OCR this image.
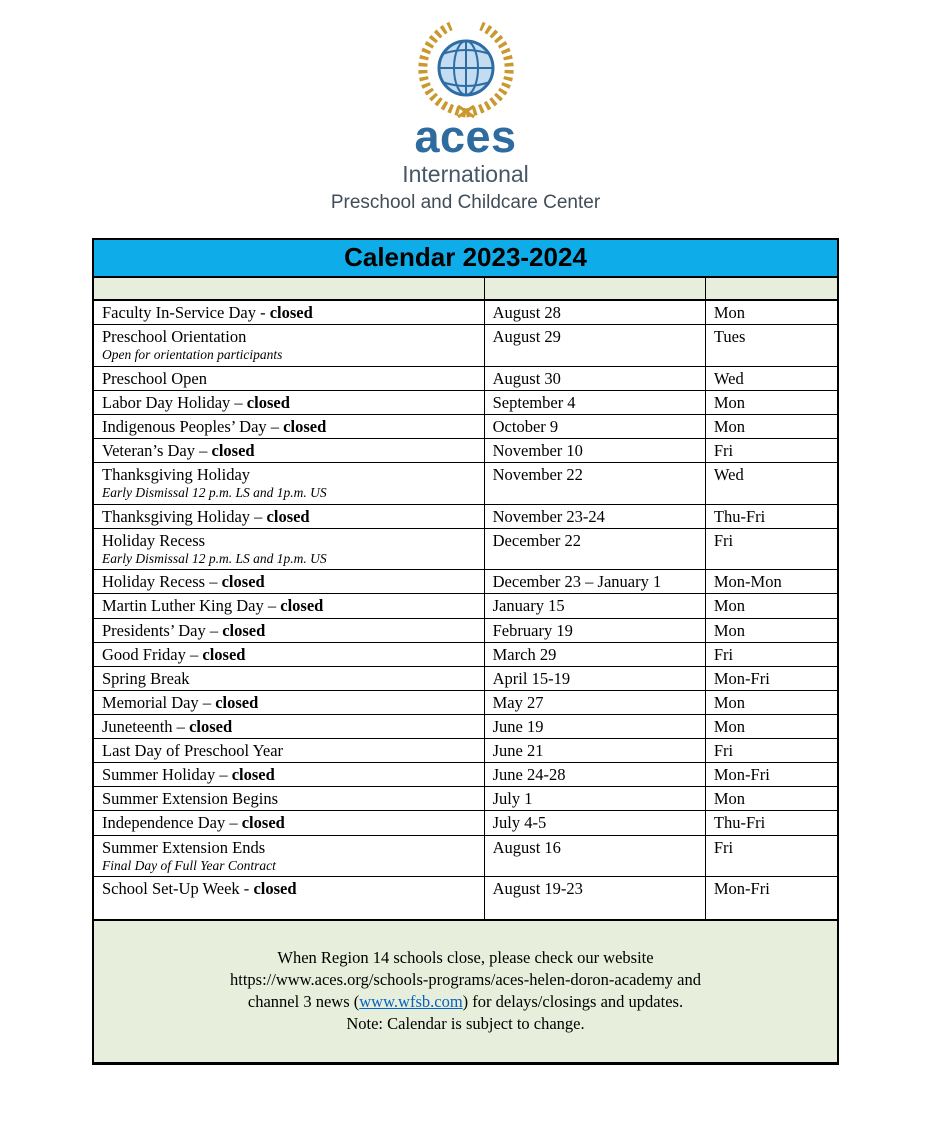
aces
International
Preschool and Childcare Center
Calendar 2023-2024		

Faculty In-Service Day - closed	August 28	Mon
Preschool Orientation
Open for orientation participants	August 29	Tues
Preschool Open	August 30	Wed
Labor Day Holiday – closed	September 4	Mon
Indigenous Peoples’ Day – closed	October 9	Mon
Veteran’s Day – closed	November 10	Fri
Thanksgiving Holiday
Early Dismissal 12 p.m. LS and 1p.m. US	November 22	Wed
Thanksgiving Holiday – closed	November 23-24	Thu-Fri
Holiday Recess
Early Dismissal 12 p.m. LS and 1p.m. US	December 22	Fri
Holiday Recess – closed	December 23 – January 1	Mon-Mon
Martin Luther King Day – closed	January 15	Mon
Presidents’ Day – closed	February 19	Mon
Good Friday – closed	March 29	Fri
Spring Break	April 15-19	Mon-Fri
Memorial Day – closed	May 27	Mon
Juneteenth – closed	June 19	Mon
Last Day of Preschool Year	June 21	Fri
Summer Holiday – closed	June 24-28	Mon-Fri
Summer Extension Begins	July 1	Mon
Independence Day – closed	July 4-5	Thu-Fri
Summer Extension Ends
Final Day of Full Year Contract	August 16	Fri
School Set-Up Week - closed	August 19-23	Mon-Fri

When Region 14 schools close, please check our website
https://www.aces.org/schools-programs/aces-helen-doron-academy and
channel 3 news (www.wfsb.com) for delays/closings and updates.
Note: Calendar is subject to change.		
